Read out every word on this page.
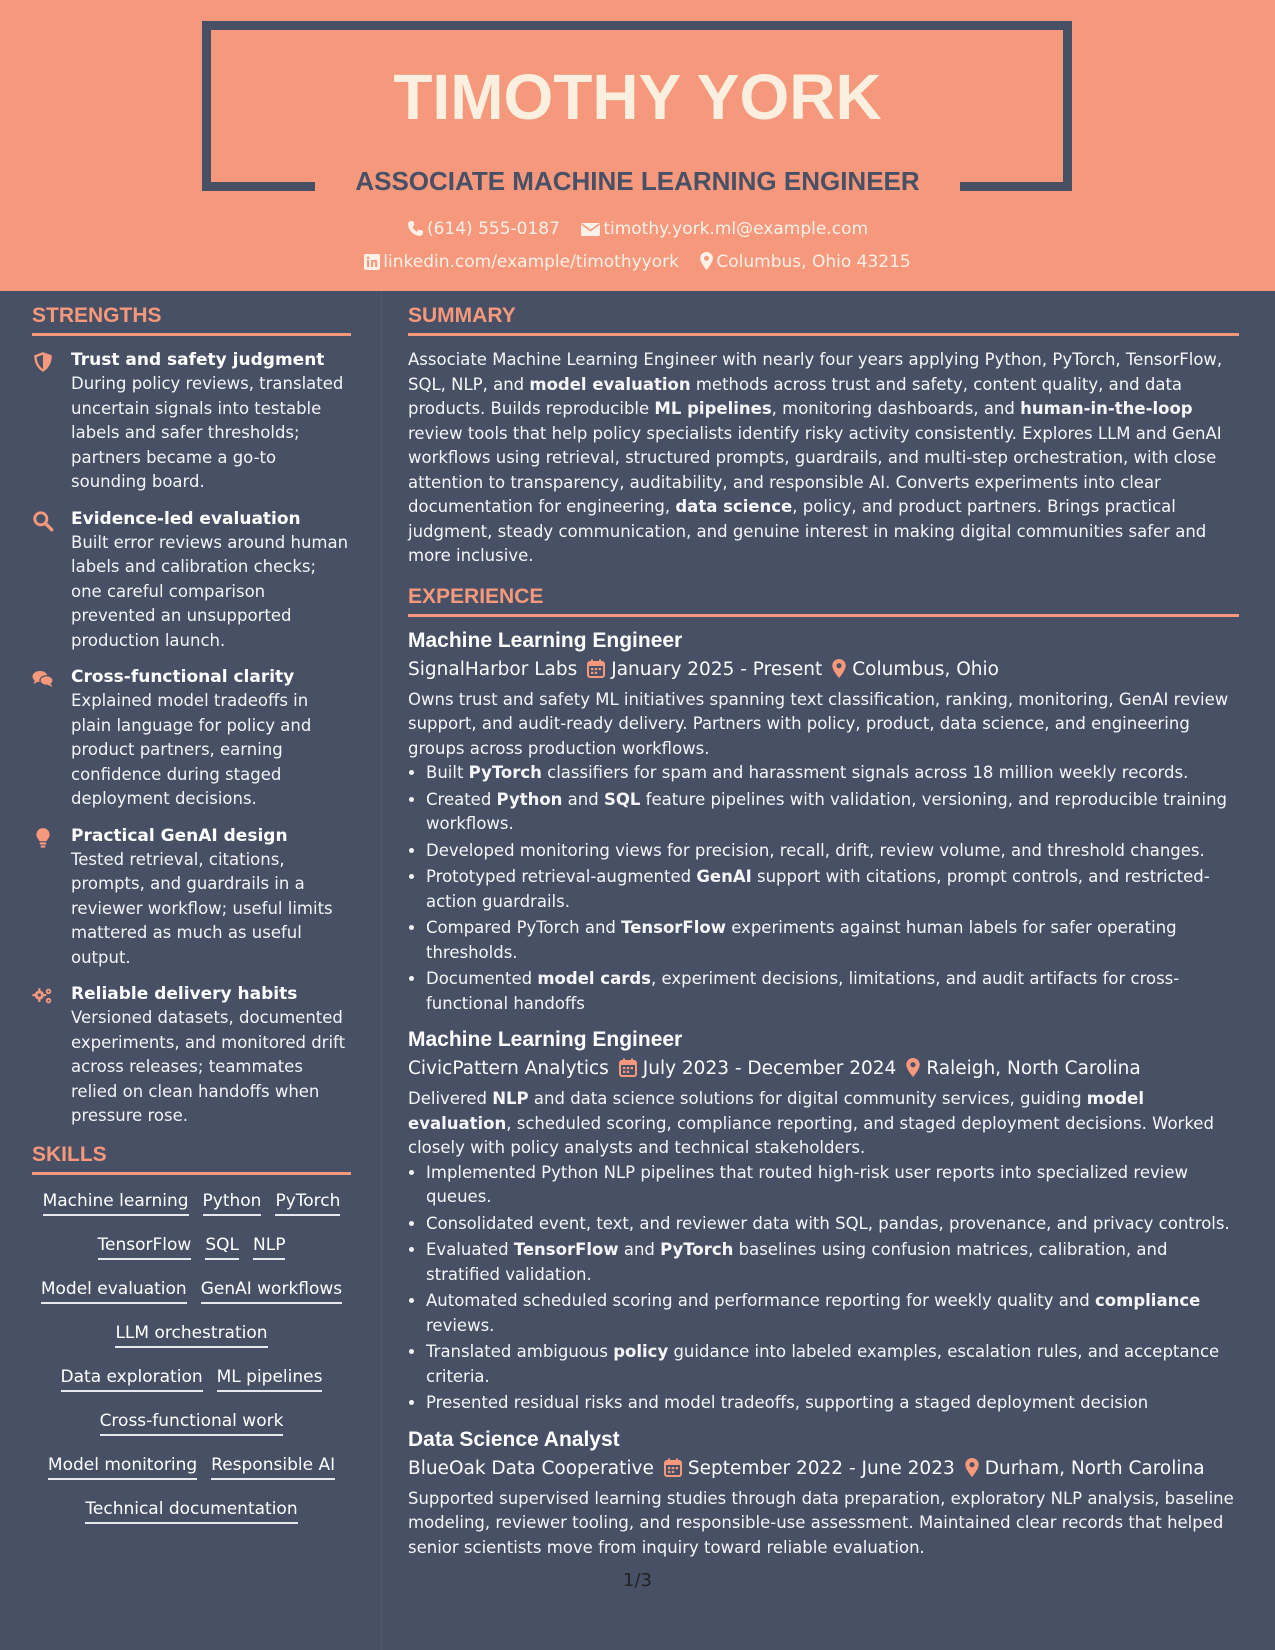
TIMOTHY YORK
ASSOCIATE MACHINE LEARNING ENGINEER
(614) 555-0187	timothy.york.ml@example.com
linkedin.com/example/timothyyork Columbus, Ohio 43215
STRENGTHS
Trust and safety judgment
During policy reviews, translated uncertain signals into testable labels and safer thresholds; partners became a go-to sounding board.
Evidence-led evaluation
Built error reviews around human labels and calibration checks; one careful comparison prevented an unsupported production launch.
Cross-functional clarity
Explained model tradeoffs in plain language for policy and product partners, earning confidence during staged deployment decisions.
Practical GenAI design
Tested retrieval, citations, prompts, and guardrails in a reviewer workflow; useful limits mattered as much as useful output.
Reliable delivery habits
Versioned datasets, documented experiments, and monitored drift across releases; teammates relied on clean handoffs when pressure rose.
SKILLS
Machine learning Python PyTorch
TensorFlow SQL NLP
Model evaluation GenAI workflows
LLM orchestration
Data exploration ML pipelines
Cross-functional work
Model monitoring Responsible AI
Technical documentation
SUMMARY
Associate Machine Learning Engineer with nearly four years applying Python, PyTorch, TensorFlow, SQL, NLP, and model evaluation methods across trust and safety, content quality, and data products. Builds reproducible ML pipelines, monitoring dashboards, and human-in-the-loop review tools that help policy specialists identify risky activity consistently. Explores LLM and GenAI workflows using retrieval, structured prompts, guardrails, and multi-step orchestration, with close attention to transparency, auditability, and responsible AI. Converts experiments into clear documentation for engineering, data science, policy, and product partners. Brings practical judgment, steady communication, and genuine interest in making digital communities safer and more inclusive.
EXPERIENCE
Machine Learning Engineer
SignalHarbor Labs January 2025 - Present Columbus, Ohio
Owns trust and safety ML initiatives spanning text classification, ranking, monitoring, GenAI review support, and audit-ready delivery. Partners with policy, product, data science, and engineering groups across production workflows.
• Built PyTorch classifiers for spam and harassment signals across 18 million weekly records.
• Created Python and SQL feature pipelines with validation, versioning, and reproducible training workflows.
• Developed monitoring views for precision, recall, drift, review volume, and threshold changes.
• Prototyped retrieval-augmented GenAI support with citations, prompt controls, and restricted-action guardrails.
• Compared PyTorch and TensorFlow experiments against human labels for safer operating thresholds.
• Documented model cards, experiment decisions, limitations, and audit artifacts for cross-functional handoffs
Machine Learning Engineer
CivicPattern Analytics July 2023 - December 2024 Raleigh, North Carolina
Delivered NLP and data science solutions for digital community services, guiding model evaluation, scheduled scoring, compliance reporting, and staged deployment decisions. Worked closely with policy analysts and technical stakeholders.
• Implemented Python NLP pipelines that routed high-risk user reports into specialized review queues.
• Consolidated event, text, and reviewer data with SQL, pandas, provenance, and privacy controls.
• Evaluated TensorFlow and PyTorch baselines using confusion matrices, calibration, and stratified validation.
• Automated scheduled scoring and performance reporting for weekly quality and compliance reviews.
• Translated ambiguous policy guidance into labeled examples, escalation rules, and acceptance criteria.
• Presented residual risks and model tradeoffs, supporting a staged deployment decision
Data Science Analyst
BlueOak Data Cooperative September 2022 - June 2023 Durham, North Carolina
Supported supervised learning studies through data preparation, exploratory NLP analysis, baseline modeling, reviewer tooling, and responsible-use assessment. Maintained clear records that helped senior scientists move from inquiry toward reliable evaluation.
1/3
